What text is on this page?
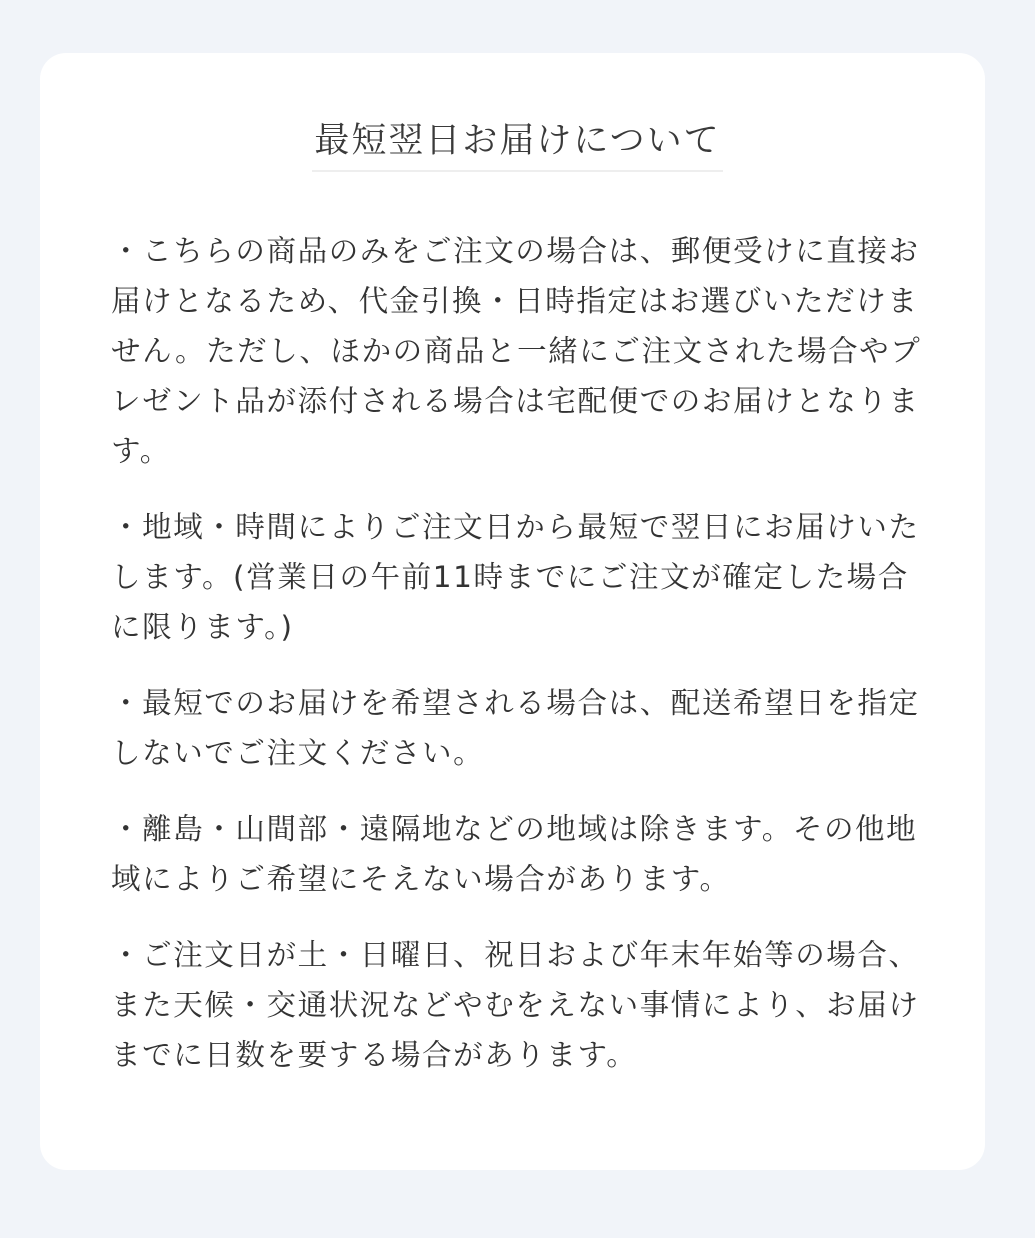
最短翌日お届けについて

・こちらの商品のみをご注文の場合は、郵便受けに直接お届けとなるため、代金引換・日時指定はお選びいただけません。ただし、ほかの商品と一緒にご注文された場合やプレゼント品が添付される場合は宅配便でのお届けとなります。

・地域・時間によりご注文日から最短で翌日にお届けいたします。(営業日の午前11時までにご注文が確定した場合に限ります。)

・最短でのお届けを希望される場合は、配送希望日を指定しないでご注文ください。

・離島・山間部・遠隔地などの地域は除きます。その他地域によりご希望にそえない場合があります。

・ご注文日が土・日曜日、祝日および年末年始等の場合、また天候・交通状況などやむをえない事情により、お届けまでに日数を要する場合があります。
